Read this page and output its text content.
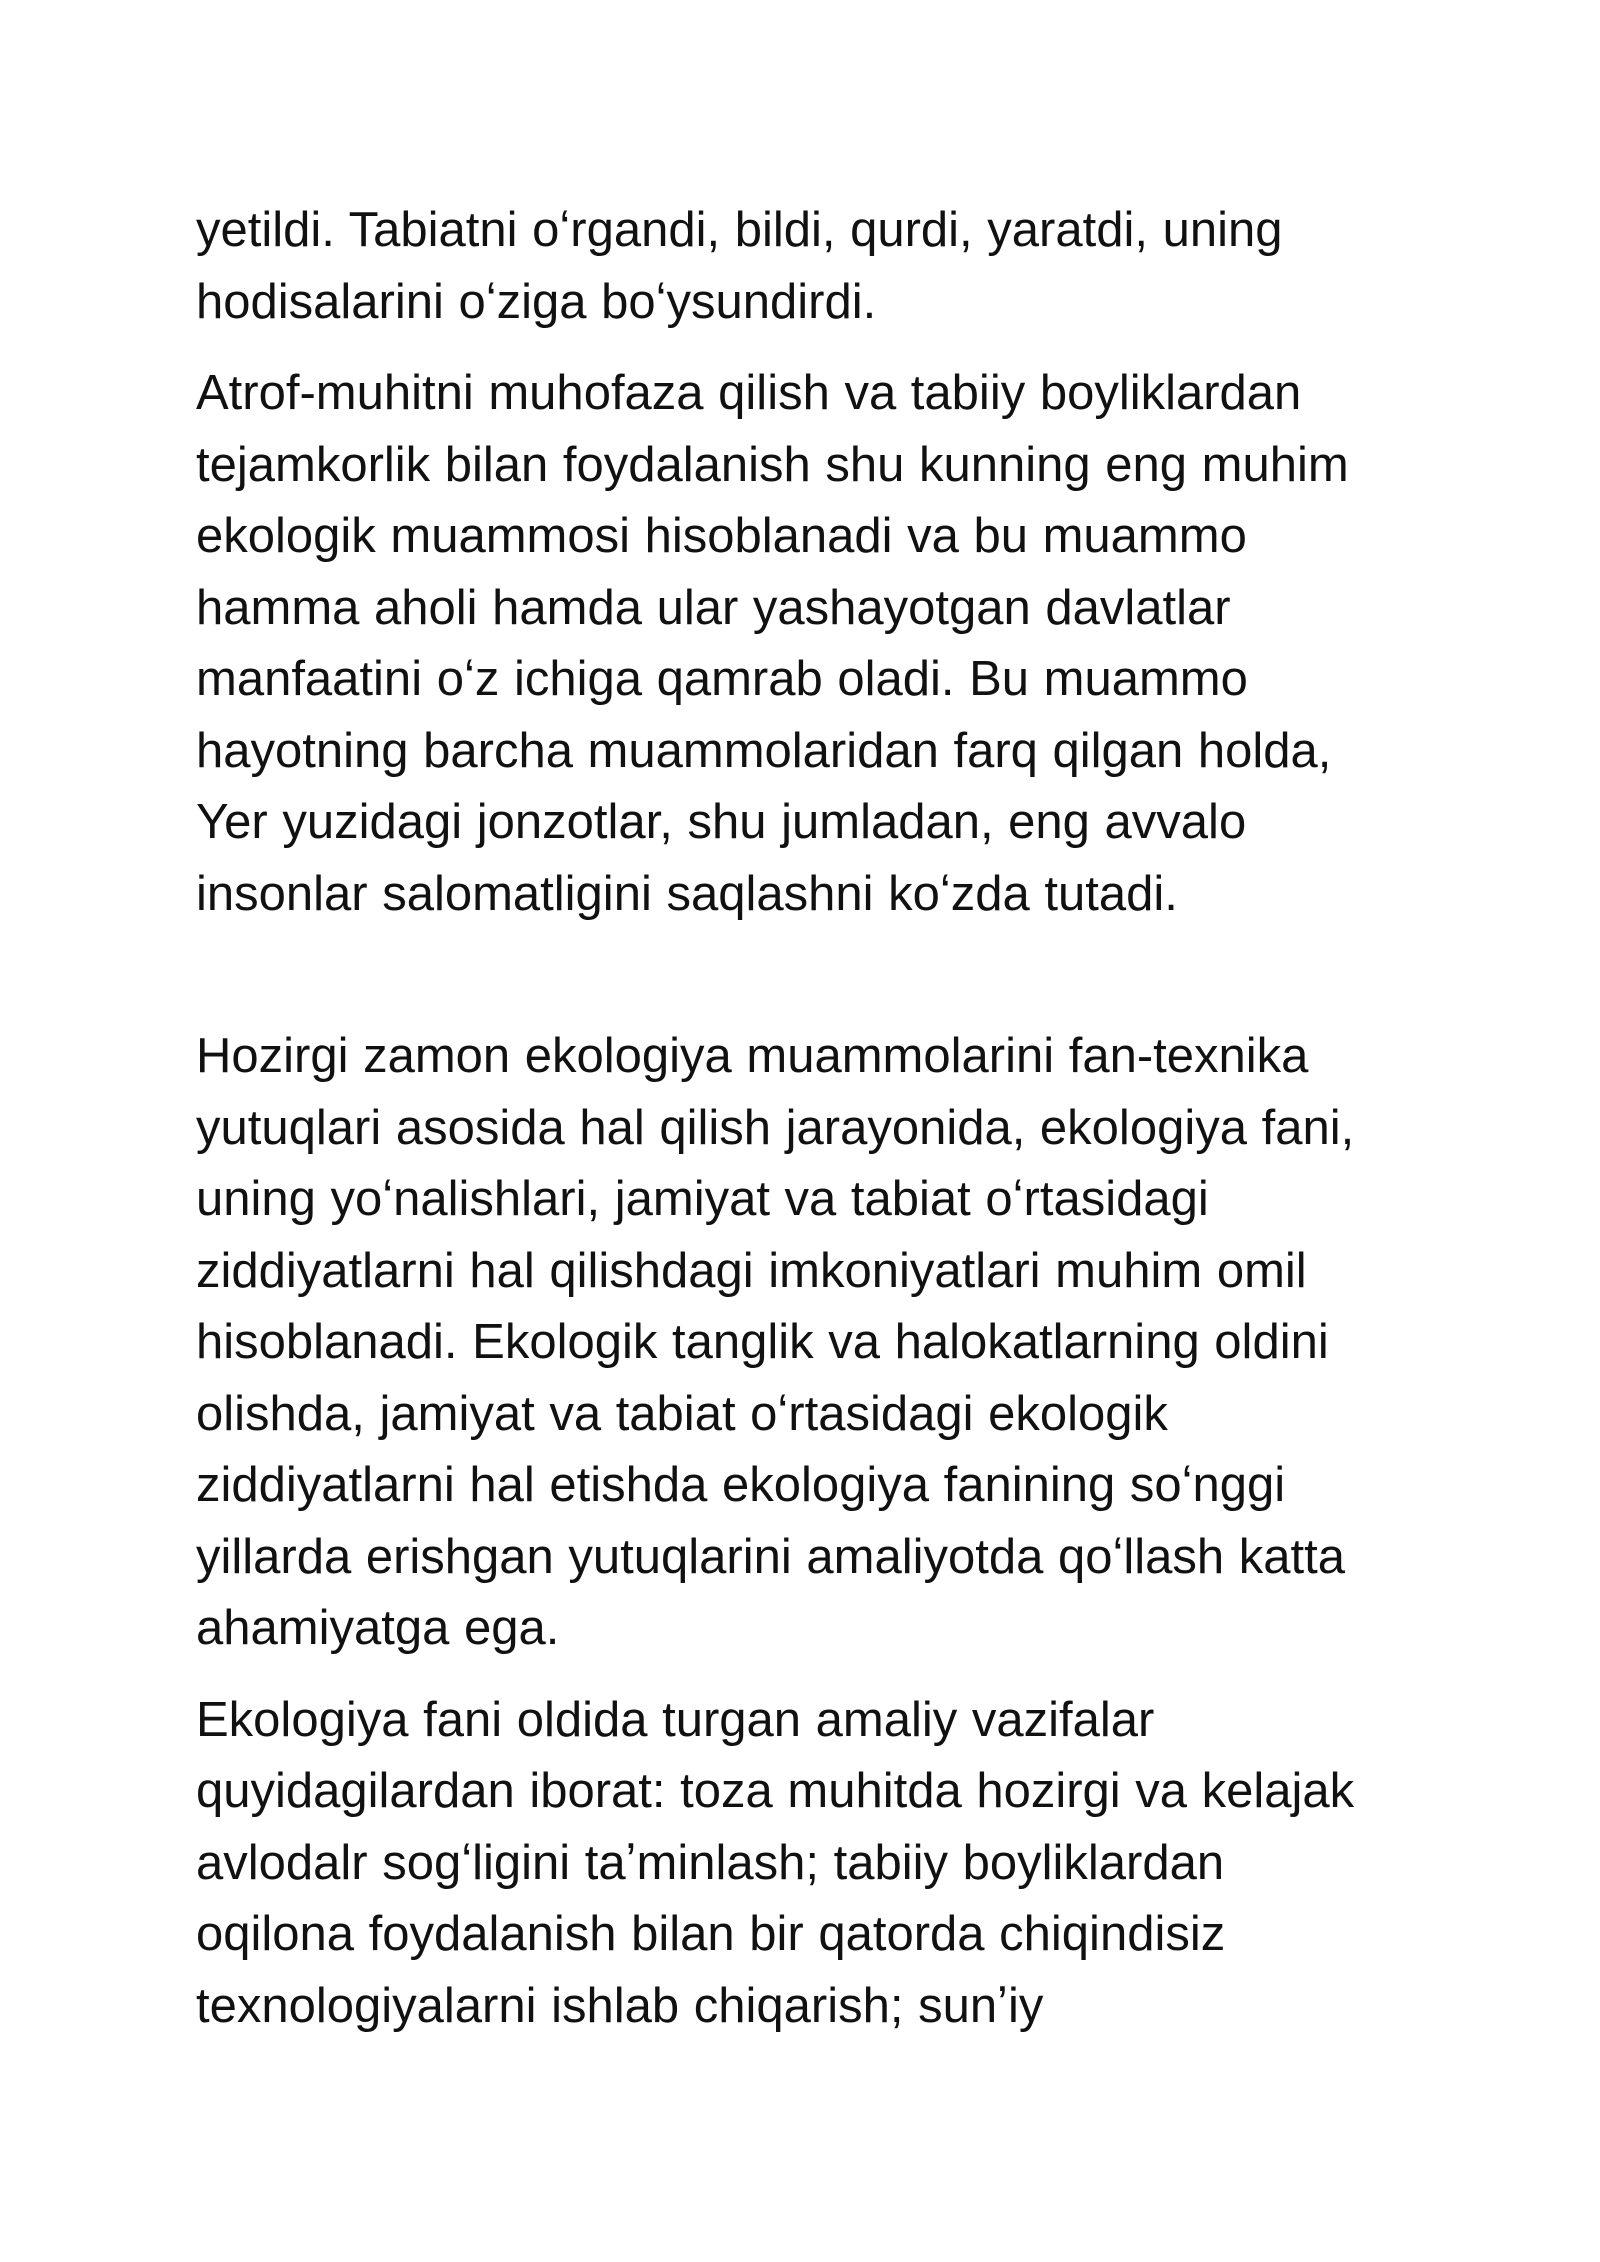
yetildi. Tabiatni oʻrgandi, bildi, qurdi, yaratdi, uning
hodisalarini oʻziga boʻysundirdi.

Atrof-muhitni muhofaza qilish va tabiiy boyliklardan
tejamkorlik bilan foydalanish shu kunning eng muhim
ekologik muammosi hisoblanadi va bu muammo
hamma aholi hamda ular yashayotgan davlatlar
manfaatini oʻz ichiga qamrab oladi. Bu muammo
hayotning barcha muammolaridan farq qilgan holda,
Yer yuzidagi jonzotlar, shu jumladan, eng avvalo
insonlar salomatligini saqlashni koʻzda tutadi.

Hozirgi zamon ekologiya muammolarini fan-texnika
yutuqlari asosida hal qilish jarayonida, ekologiya fani,
uning yoʻnalishlari, jamiyat va tabiat oʻrtasidagi
ziddiyatlarni hal qilishdagi imkoniyatlari muhim omil
hisoblanadi. Ekologik tanglik va halokatlarning oldini
olishda, jamiyat va tabiat oʻrtasidagi ekologik
ziddiyatlarni hal etishda ekologiya fanining soʻnggi
yillarda erishgan yutuqlarini amaliyotda qoʻllash katta
ahamiyatga ega.

Ekologiya fani oldida turgan amaliy vazifalar
quyidagilardan iborat: toza muhitda hozirgi va kelajak
avlodalr sogʻligini taʼminlash; tabiiy boyliklardan
oqilona foydalanish bilan bir qatorda chiqindisiz
texnologiyalarni ishlab chiqarish; sunʼiy
